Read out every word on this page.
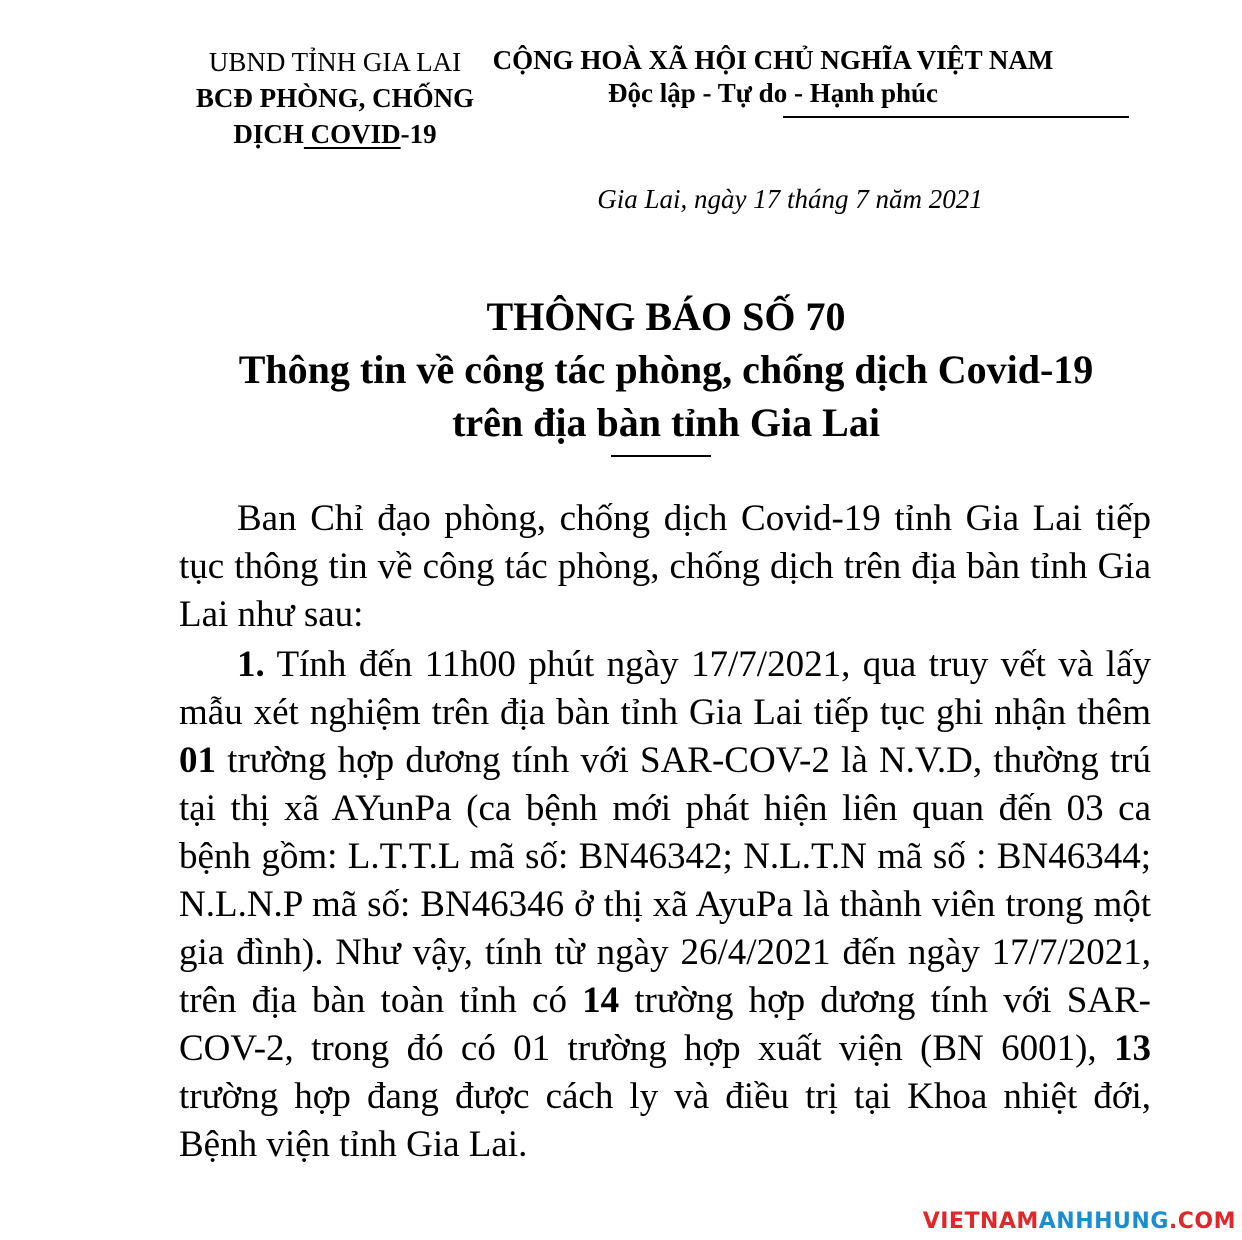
UBND TỈNH GIA LAI
BCĐ PHÒNG, CHỐNG
DỊCH COVID-19
CỘNG HOÀ XÃ HỘI CHỦ NGHĨA VIỆT NAM
Độc lập - Tự do - Hạnh phúc
Gia Lai, ngày 17 tháng 7 năm 2021
THÔNG BÁO SỐ 70
Thông tin về công tác phòng, chống dịch Covid-19
trên địa bàn tỉnh Gia Lai

Ban Chỉ đạo phòng, chống dịch Covid-19 tỉnh Gia Lai tiếp tục thông tin về công tác phòng, chống dịch trên địa bàn tỉnh Gia Lai như sau:

1. Tính đến 11h00 phút ngày 17/7/2021, qua truy vết và lấy mẫu xét nghiệm trên địa bàn tỉnh Gia Lai tiếp tục ghi nhận thêm 01 trường hợp dương tính với SAR-COV-2 là N.V.D, thường trú tại thị xã AYunPa (ca bệnh mới phát hiện liên quan đến 03 ca bệnh gồm: L.T.T.L mã số: BN46342; N.L.T.N mã số : BN46344; N.L.N.P mã số: BN46346 ở thị xã AyuPa là thành viên trong một gia đình). Như vậy, tính từ ngày 26/4/2021 đến ngày 17/7/2021, trên địa bàn toàn tỉnh có 14 trường hợp dương tính với SAR-COV-2, trong đó có 01 trường hợp xuất viện (BN 6001), 13 trường hợp đang được cách ly và điều trị tại Khoa nhiệt đới, Bệnh viện tỉnh Gia Lai.

VIETNAMANHHUNG.COM
